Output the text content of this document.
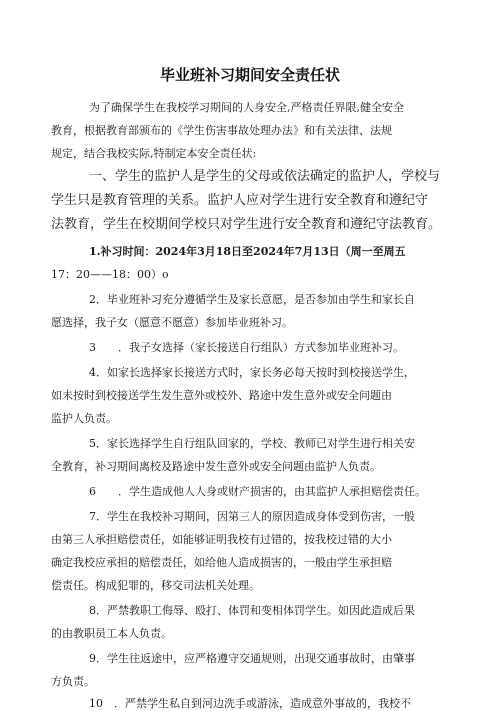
毕业班补习期间安全责任状
为了确保学生在我校学习期间的人身安全,严格责任界限,健全安全
教育，根据教育部颁布的《学生伤害事故处理办法》和有关法律、法规
规定，结合我校实际,特制定本安全责任状:
一、学生的监护人是学生的父母或依法确定的监护人，学校与
学生只是教育管理的关系。监护人应对学生进行安全教育和遵纪守
法教育，学生在校期间学校只对学生进行安全教育和遵纪守法教育。
1.补习时间：2024年3月18日至2024年7月13日（周一至周五
17：20——18：00）o
2．毕业班补习充分遵循学生及家长意愿，是否参加由学生和家长自
愿选择，我子女（愿意不愿意）参加毕业班补习。
3　　．我子女选择（家长接送自行组队）方式参加毕业班补习。
4．如家长选择家长接送方式时，家长务必每天按时到校接送学生，
如未按时到校接送学生发生意外或校外、路途中发生意外或安全问题由
监护人负责。
5．家长选择学生自行组队回家的，学校、教师已对学生进行相关安
全教育，补习期间离校及路途中发生意外或安全问题由监护人负责。
6　　．学生造成他人人身或财产损害的，由其监护人承担赔偿责任。
7．学生在我校补习期间，因第三人的原因造成身体受到伤害，一般
由第三人承担赔偿责任，如能够证明我校有过错的，按我校过错的大小
确定我校应承担的赔偿责任，如给他人造成损害的，一般由学生承担赔
偿责任。构成犯罪的，移交司法机关处理。
8．严禁教职工侮辱、殴打、体罚和变相体罚学生。如因此造成后果
的由教职员工本人负责。
9．学生往返途中，应严格遵守交通规则，出现交通事故时，由肇事
方负责。
10　．严禁学生私自到河边洗手或游泳，造成意外事故的，我校不
